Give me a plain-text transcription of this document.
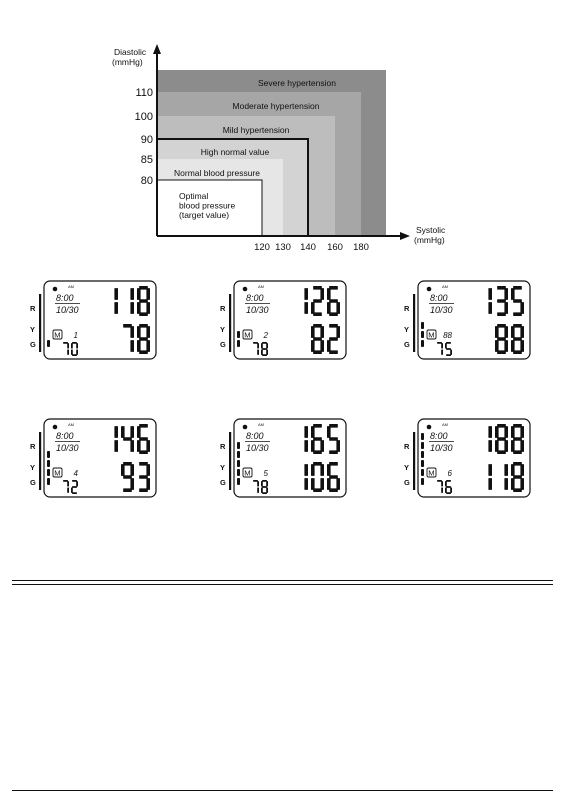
Severe hypertension
Moderate hypertension
Mild hypertension
High normal value
Normal blood pressure
Optimal blood pressure (target value)
Diastolic
(mmHg)
Systolic
(mmHg)
80
85
90
100
110
120 130 140 160 180
R
Y
G
AM
8:00
10/30
M 1
R
Y
G
AM
8:00
10/30
M 2
R
Y
G
AM
8:00
10/30
M 88
R
Y
G
AM
8:00
10/30
M 4
R
Y
G
AM
8:00
10/30
M 5
R
Y
G
AM
8:00
10/30
M 6
